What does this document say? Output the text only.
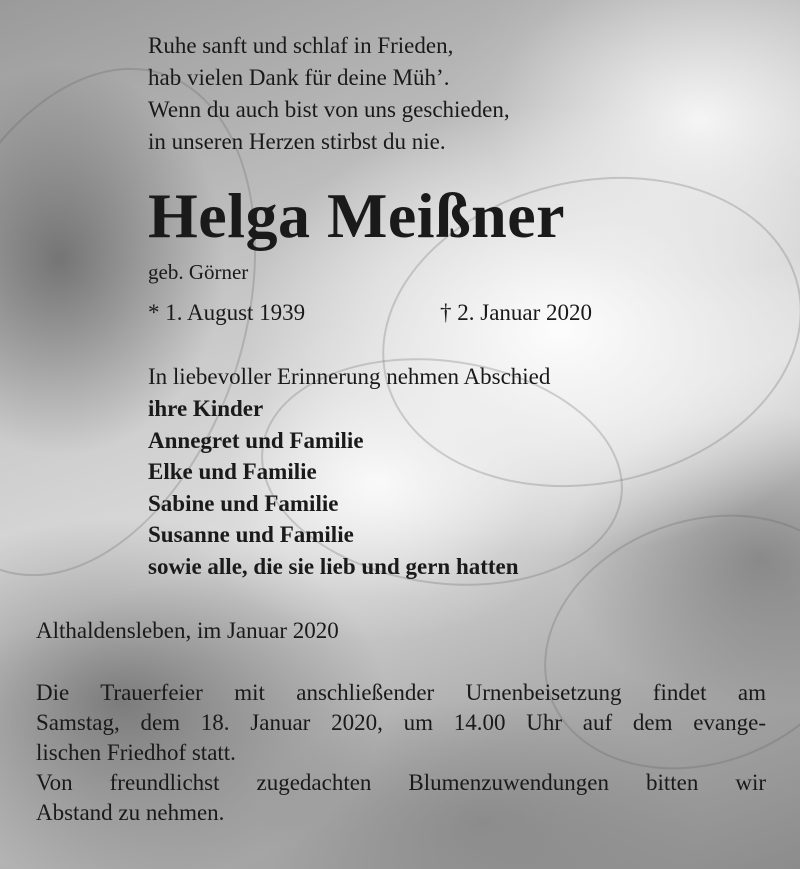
Ruhe sanft und schlaf in Frieden,
hab vielen Dank für deine Müh’.
Wenn du auch bist von uns geschieden,
in unseren Herzen stirbst du nie.
Helga Meißner
geb. Görner
* 1. August 1939	† 2. Januar 2020
In liebevoller Erinnerung nehmen Abschied
ihre Kinder
Annegret und Familie
Elke und Familie
Sabine und Familie
Susanne und Familie
sowie alle, die sie lieb und gern hatten
Althaldensleben, im Januar 2020
Die Trauerfeier mit anschließender Urnenbeisetzung findet am
Samstag, dem 18. Januar 2020, um 14.00 Uhr auf dem evange-
lischen Friedhof statt.
Von freundlichst zugedachten Blumenzuwendungen bitten wir
Abstand zu nehmen.
